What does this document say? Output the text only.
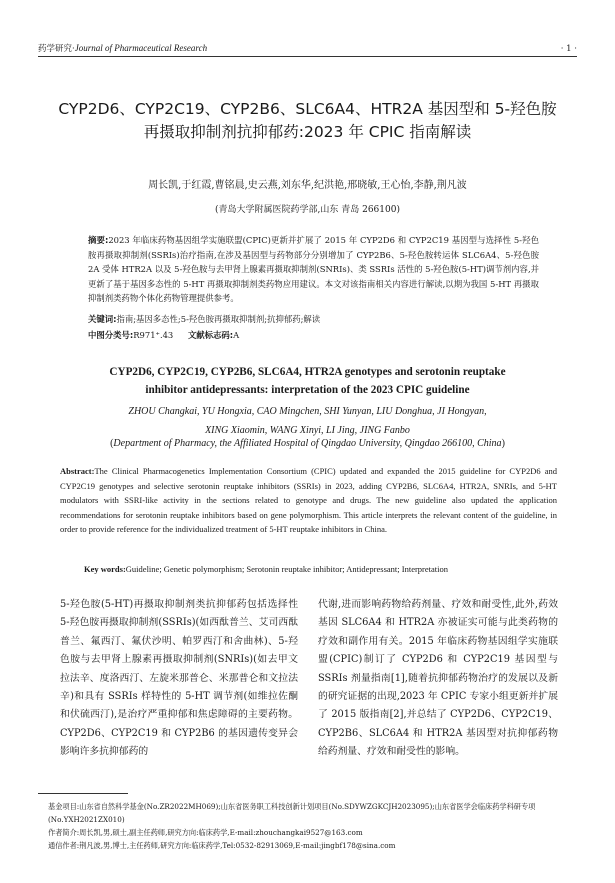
药学研究·Journal of Pharmaceutical Research	· 1 ·
CYP2D6、CYP2C19、CYP2B6、SLC6A4、HTR2A 基因型和 5-羟色胺
再摄取抑制剂抗抑郁药:2023 年 CPIC 指南解读
周长凯,于红霞,曹铭晨,史云燕,刘东华,纪洪艳,邢晓敏,王心怡,李静,荆凡波
(青岛大学附属医院药学部,山东 青岛 266100)
摘要:2023 年临床药物基因组学实施联盟(CPIC)更新并扩展了 2015 年 CYP2D6 和 CYP2C19 基因型与选择性 5-羟色胺再摄取抑制剂(SSRIs)治疗指南,在涉及基因型与药物部分分别增加了 CYP2B6、5-羟色胺转运体 SLC6A4、5-羟色胺 2A 受体 HTR2A 以及 5-羟色胺与去甲肾上腺素再摄取抑制剂(SNRIs)、类 SSRIs 活性的 5-羟色胺(5-HT)调节剂内容,并更新了基于基因多态性的 5-HT 再摄取抑制剂类药物应用建议。本文对该指南相关内容进行解读,以期为我国 5-HT 再摄取抑制剂类药物个体化药物管理提供参考。
关键词:指南;基因多态性;5-羟色胺再摄取抑制剂;抗抑郁药;解读
中图分类号:R971⁺.43 文献标志码:A
CYP2D6, CYP2C19, CYP2B6, SLC6A4, HTR2A genotypes and serotonin reuptake
inhibitor antidepressants: interpretation of the 2023 CPIC guideline
ZHOU Changkai, YU Hongxia, CAO Mingchen, SHI Yunyan, LIU Donghua, JI Hongyan,
XING Xiaomin, WANG Xinyi, LI Jing, JING Fanbo
(Department of Pharmacy, the Affiliated Hospital of Qingdao University, Qingdao 266100, China)
Abstract:The Clinical Pharmacogenetics Implementation Consortium (CPIC) updated and expanded the 2015 guideline for CYP2D6 and CYP2C19 genotypes and selective serotonin reuptake inhibitors (SSRIs) in 2023, adding CYP2B6, SLC6A4, HTR2A, SNRIs, and 5-HT modulators with SSRI-like activity in the sections related to genotype and drugs. The new guideline also updated the application recommendations for serotonin reuptake inhibitors based on gene polymorphism. This article interprets the relevant content of the guideline, in order to provide reference for the individualized treatment of 5-HT reuptake inhibitors in China.
Key words:Guideline; Genetic polymorphism; Serotonin reuptake inhibitor; Antidepressant; Interpretation
5-羟色胺(5-HT)再摄取抑制剂类抗抑郁药包括选择性 5-羟色胺再摄取抑制剂(SSRIs)(如西酞普兰、艾司西酞普兰、氟西汀、氟伏沙明、帕罗西汀和舍曲林)、5-羟色胺与去甲肾上腺素再摄取抑制剂(SNRIs)(如去甲文拉法辛、度洛西汀、左旋米那普仑、米那普仑和文拉法辛)和具有 SSRIs 样特性的 5-HT 调节剂(如维拉佐酮和伏硫西汀),是治疗严重抑郁和焦虑障碍的主要药物。CYP2D6、CYP2C19 和 CYP2B6 的基因遗传变异会影响许多抗抑郁药的
代谢,进而影响药物给药剂量、疗效和耐受性,此外,药效基因 SLC6A4 和 HTR2A 亦被证实可能与此类药物的疗效和副作用有关。2015 年临床药物基因组学实施联盟(CPIC)制订了 CYP2D6 和 CYP2C19 基因型与 SSRIs 剂量指南[1],随着抗抑郁药物治疗的发展以及新的研究证据的出现,2023 年 CPIC 专家小组更新并扩展了 2015 版指南[2],并总结了 CYP2D6、CYP2C19、CYP2B6、SLC6A4 和 HTR2A 基因型对抗抑郁药物给药剂量、疗效和耐受性的影响。
基金项目:山东省自然科学基金(No.ZR2022MH069);山东省医务职工科技创新计划项目(No.SDYWZGKCJH2023095);山东省医学会临床药学科研专项(No.YXH2021ZX010)
作者简介:周长凯,男,硕士,副主任药师,研究方向:临床药学,E-mail:zhouchangkai9527@163.com
通信作者:荆凡波,男,博士,主任药师,研究方向:临床药学,Tel:0532-82913069,E-mail:jingbf178@sina.com
